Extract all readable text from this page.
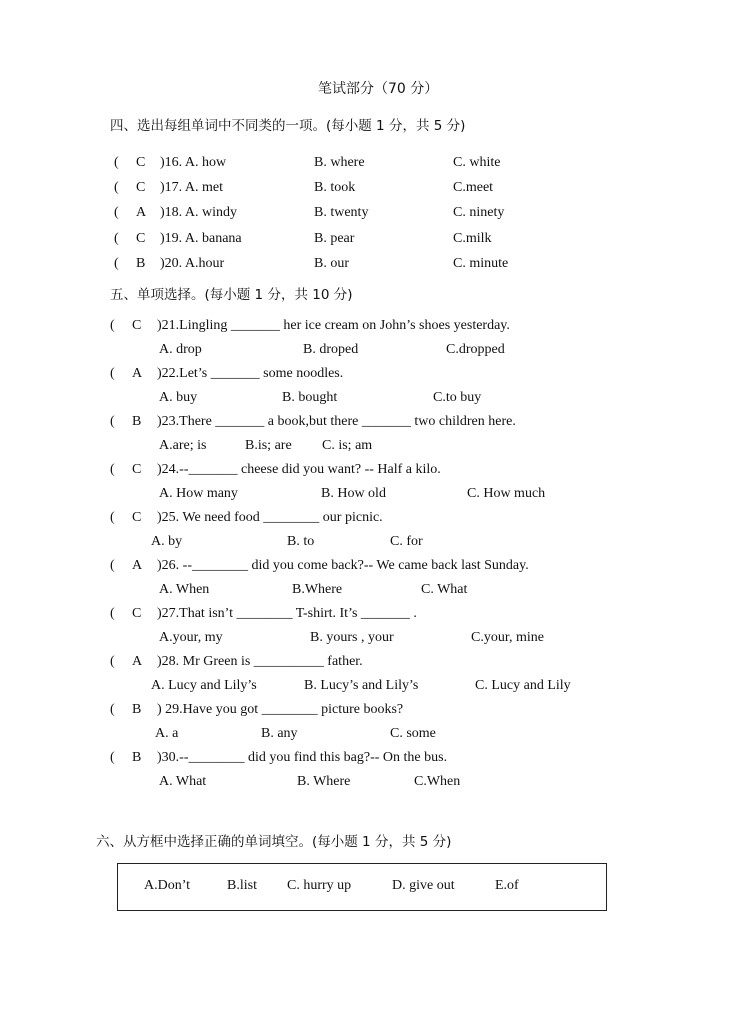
笔试部分（70 分）
四、选出每组单词中不同类的一项。(每小题 1 分，共 5 分)
( C )16. A. how	B. where	C. white
( C )17. A. met	B. took	C.meet
( A )18. A. windy	B. twenty	C. ninety
( C )19. A. banana	B. pear	C.milk
( B )20. A.hour	B. our	C. minute
五、单项选择。(每小题 1 分，共 10 分)
( C )21.Lingling _______ her ice cream on John’s shoes yesterday.
A. drop	B. droped	C.dropped
( A )22.Let’s _______ some noodles.
A. buy	B. bought	C.to buy
( B )23.There _______ a book,but there _______ two children here.
A.are; is	B.is; are C. is; am
( C )24.--_______ cheese did you want? -- Half a kilo.
A. How many	B. How old	C. How much
( C )25. We need food ________ our picnic.
A. by	B. to	C. for
( A )26. --________ did you come back?-- We came back last Sunday.
A. When	B.Where	C. What
( C )27.That isn’t ________ T-shirt. It’s _______ .
A.your, my	B. yours , your	C.your, mine
( A )28. Mr Green is __________ father.
A. Lucy and Lily’s	B. Lucy’s and Lily’s	C. Lucy and Lily
( B ) 29.Have you got ________ picture books?
A. a	B. any	C. some
( B )30.--________ did you find this bag?-- On the bus.
A. What	B. Where	C.When
六、从方框中选择正确的单词填空。(每小题 1 分，共 5 分)
A.Don’t	B.list C. hurry up	D. give out	E.of
